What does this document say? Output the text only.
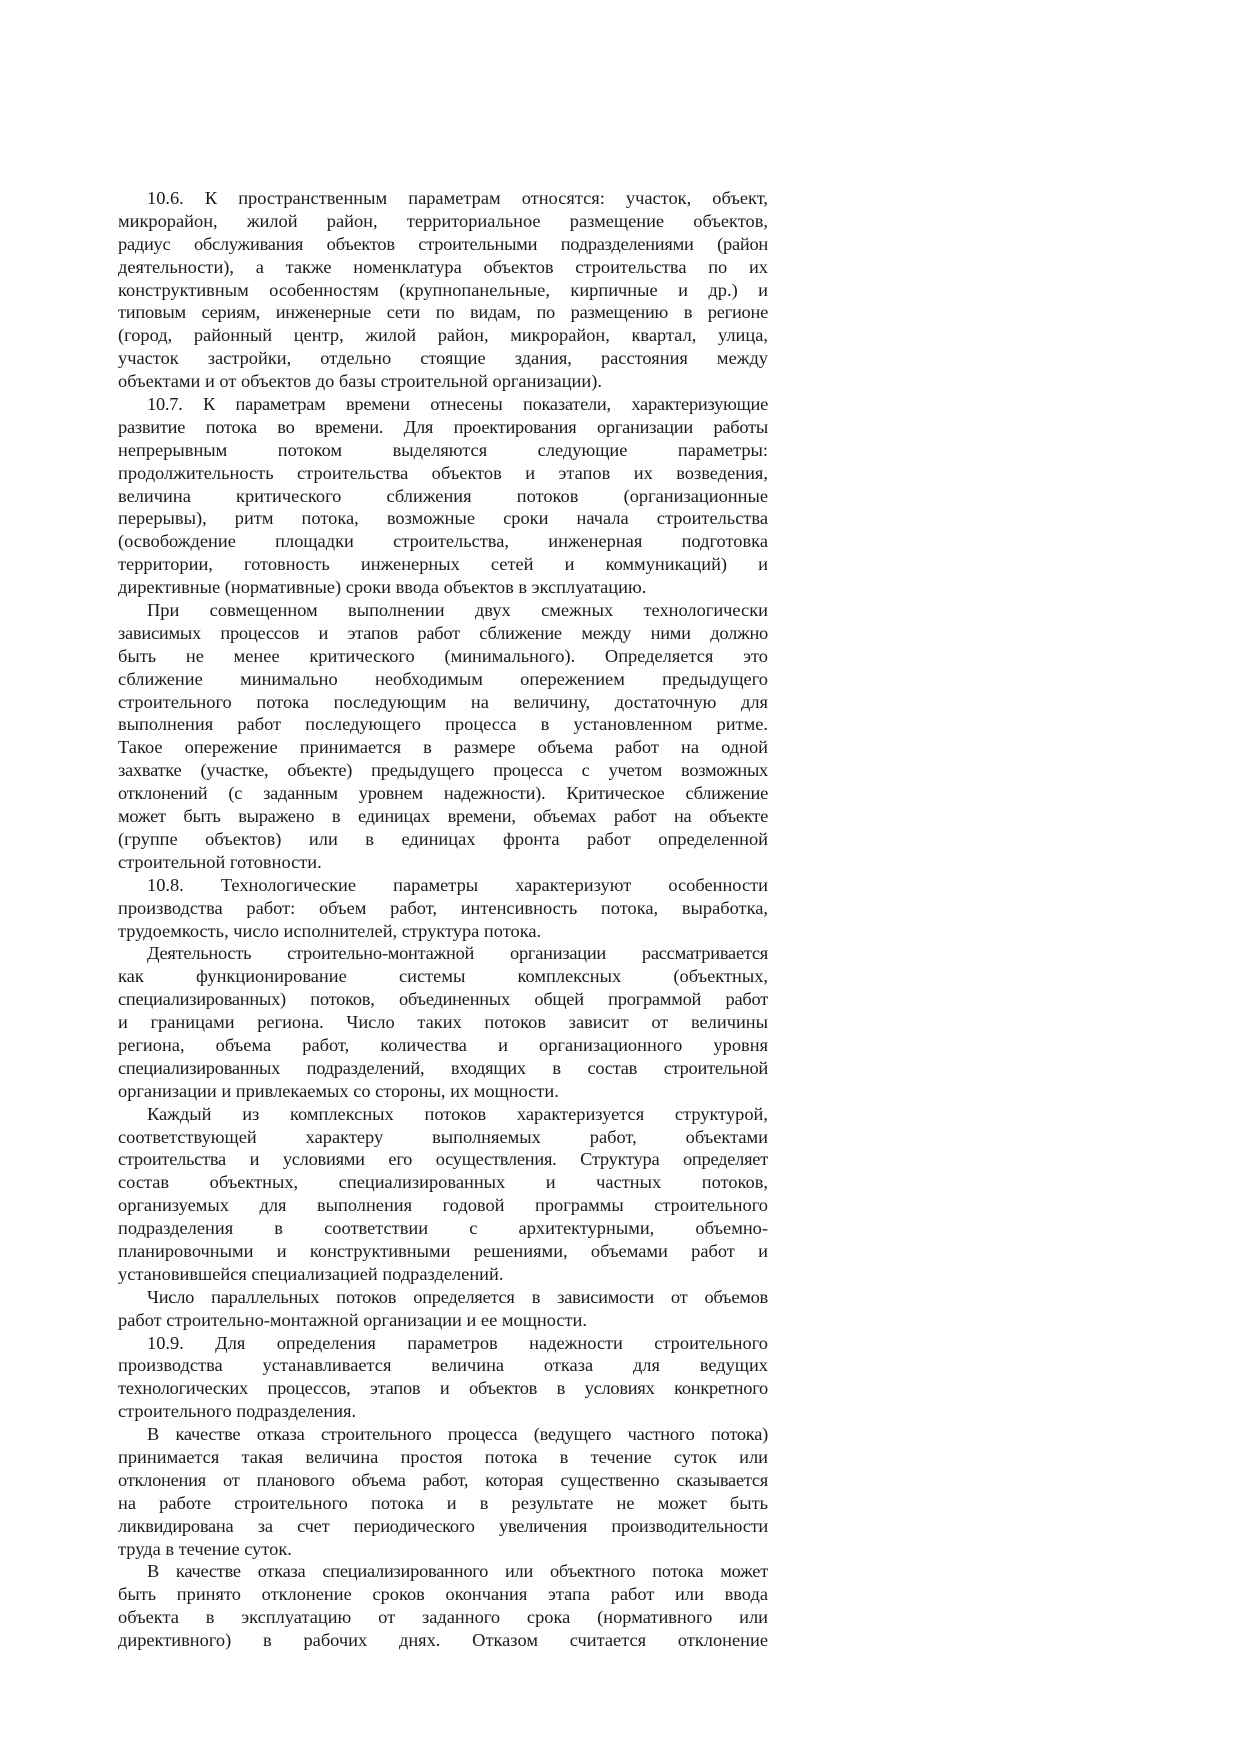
10.6. К пространственным параметрам относятся: участок, объект,
микрорайон, жилой район, территориальное размещение объектов,
радиус обслуживания объектов строительными подразделениями (район
деятельности), а также номенклатура объектов строительства по их
конструктивным особенностям (крупнопанельные, кирпичные и др.) и
типовым сериям, инженерные сети по видам, по размещению в регионе
(город, районный центр, жилой район, микрорайон, квартал, улица,
участок застройки, отдельно стоящие здания, расстояния между
объектами и от объектов до базы строительной организации).
10.7. К параметрам времени отнесены показатели, характеризующие
развитие потока во времени. Для проектирования организации работы
непрерывным потоком выделяются следующие параметры:
продолжительность строительства объектов и этапов их возведения,
величина критического сближения потоков (организационные
перерывы), ритм потока, возможные сроки начала строительства
(освобождение площадки строительства, инженерная подготовка
территории, готовность инженерных сетей и коммуникаций) и
директивные (нормативные) сроки ввода объектов в эксплуатацию.
При совмещенном выполнении двух смежных технологически
зависимых процессов и этапов работ сближение между ними должно
быть не менее критического (минимального). Определяется это
сближение минимально необходимым опережением предыдущего
строительного потока последующим на величину, достаточную для
выполнения работ последующего процесса в установленном ритме.
Такое опережение принимается в размере объема работ на одной
захватке (участке, объекте) предыдущего процесса с учетом возможных
отклонений (с заданным уровнем надежности). Критическое сближение
может быть выражено в единицах времени, объемах работ на объекте
(группе объектов) или в единицах фронта работ определенной
строительной готовности.
10.8. Технологические параметры характеризуют особенности
производства работ: объем работ, интенсивность потока, выработка,
трудоемкость, число исполнителей, структура потока.
Деятельность строительно-монтажной организации рассматривается
как функционирование системы комплексных (объектных,
специализированных) потоков, объединенных общей программой работ
и границами региона. Число таких потоков зависит от величины
региона, объема работ, количества и организационного уровня
специализированных подразделений, входящих в состав строительной
организации и привлекаемых со стороны, их мощности.
Каждый из комплексных потоков характеризуется структурой,
соответствующей характеру выполняемых работ, объектами
строительства и условиями его осуществления. Структура определяет
состав объектных, специализированных и частных потоков,
организуемых для выполнения годовой программы строительного
подразделения в соответствии с архитектурными, объемно-
планировочными и конструктивными решениями, объемами работ и
установившейся специализацией подразделений.
Число параллельных потоков определяется в зависимости от объемов
работ строительно-монтажной организации и ее мощности.
10.9. Для определения параметров надежности строительного
производства устанавливается величина отказа для ведущих
технологических процессов, этапов и объектов в условиях конкретного
строительного подразделения.
В качестве отказа строительного процесса (ведущего частного потока)
принимается такая величина простоя потока в течение суток или
отклонения от планового объема работ, которая существенно сказывается
на работе строительного потока и в результате не может быть
ликвидирована за счет периодического увеличения производительности
труда в течение суток.
В качестве отказа специализированного или объектного потока может
быть принято отклонение сроков окончания этапа работ или ввода
объекта в эксплуатацию от заданного срока (нормативного или
директивного) в рабочих днях. Отказом считается отклонение
